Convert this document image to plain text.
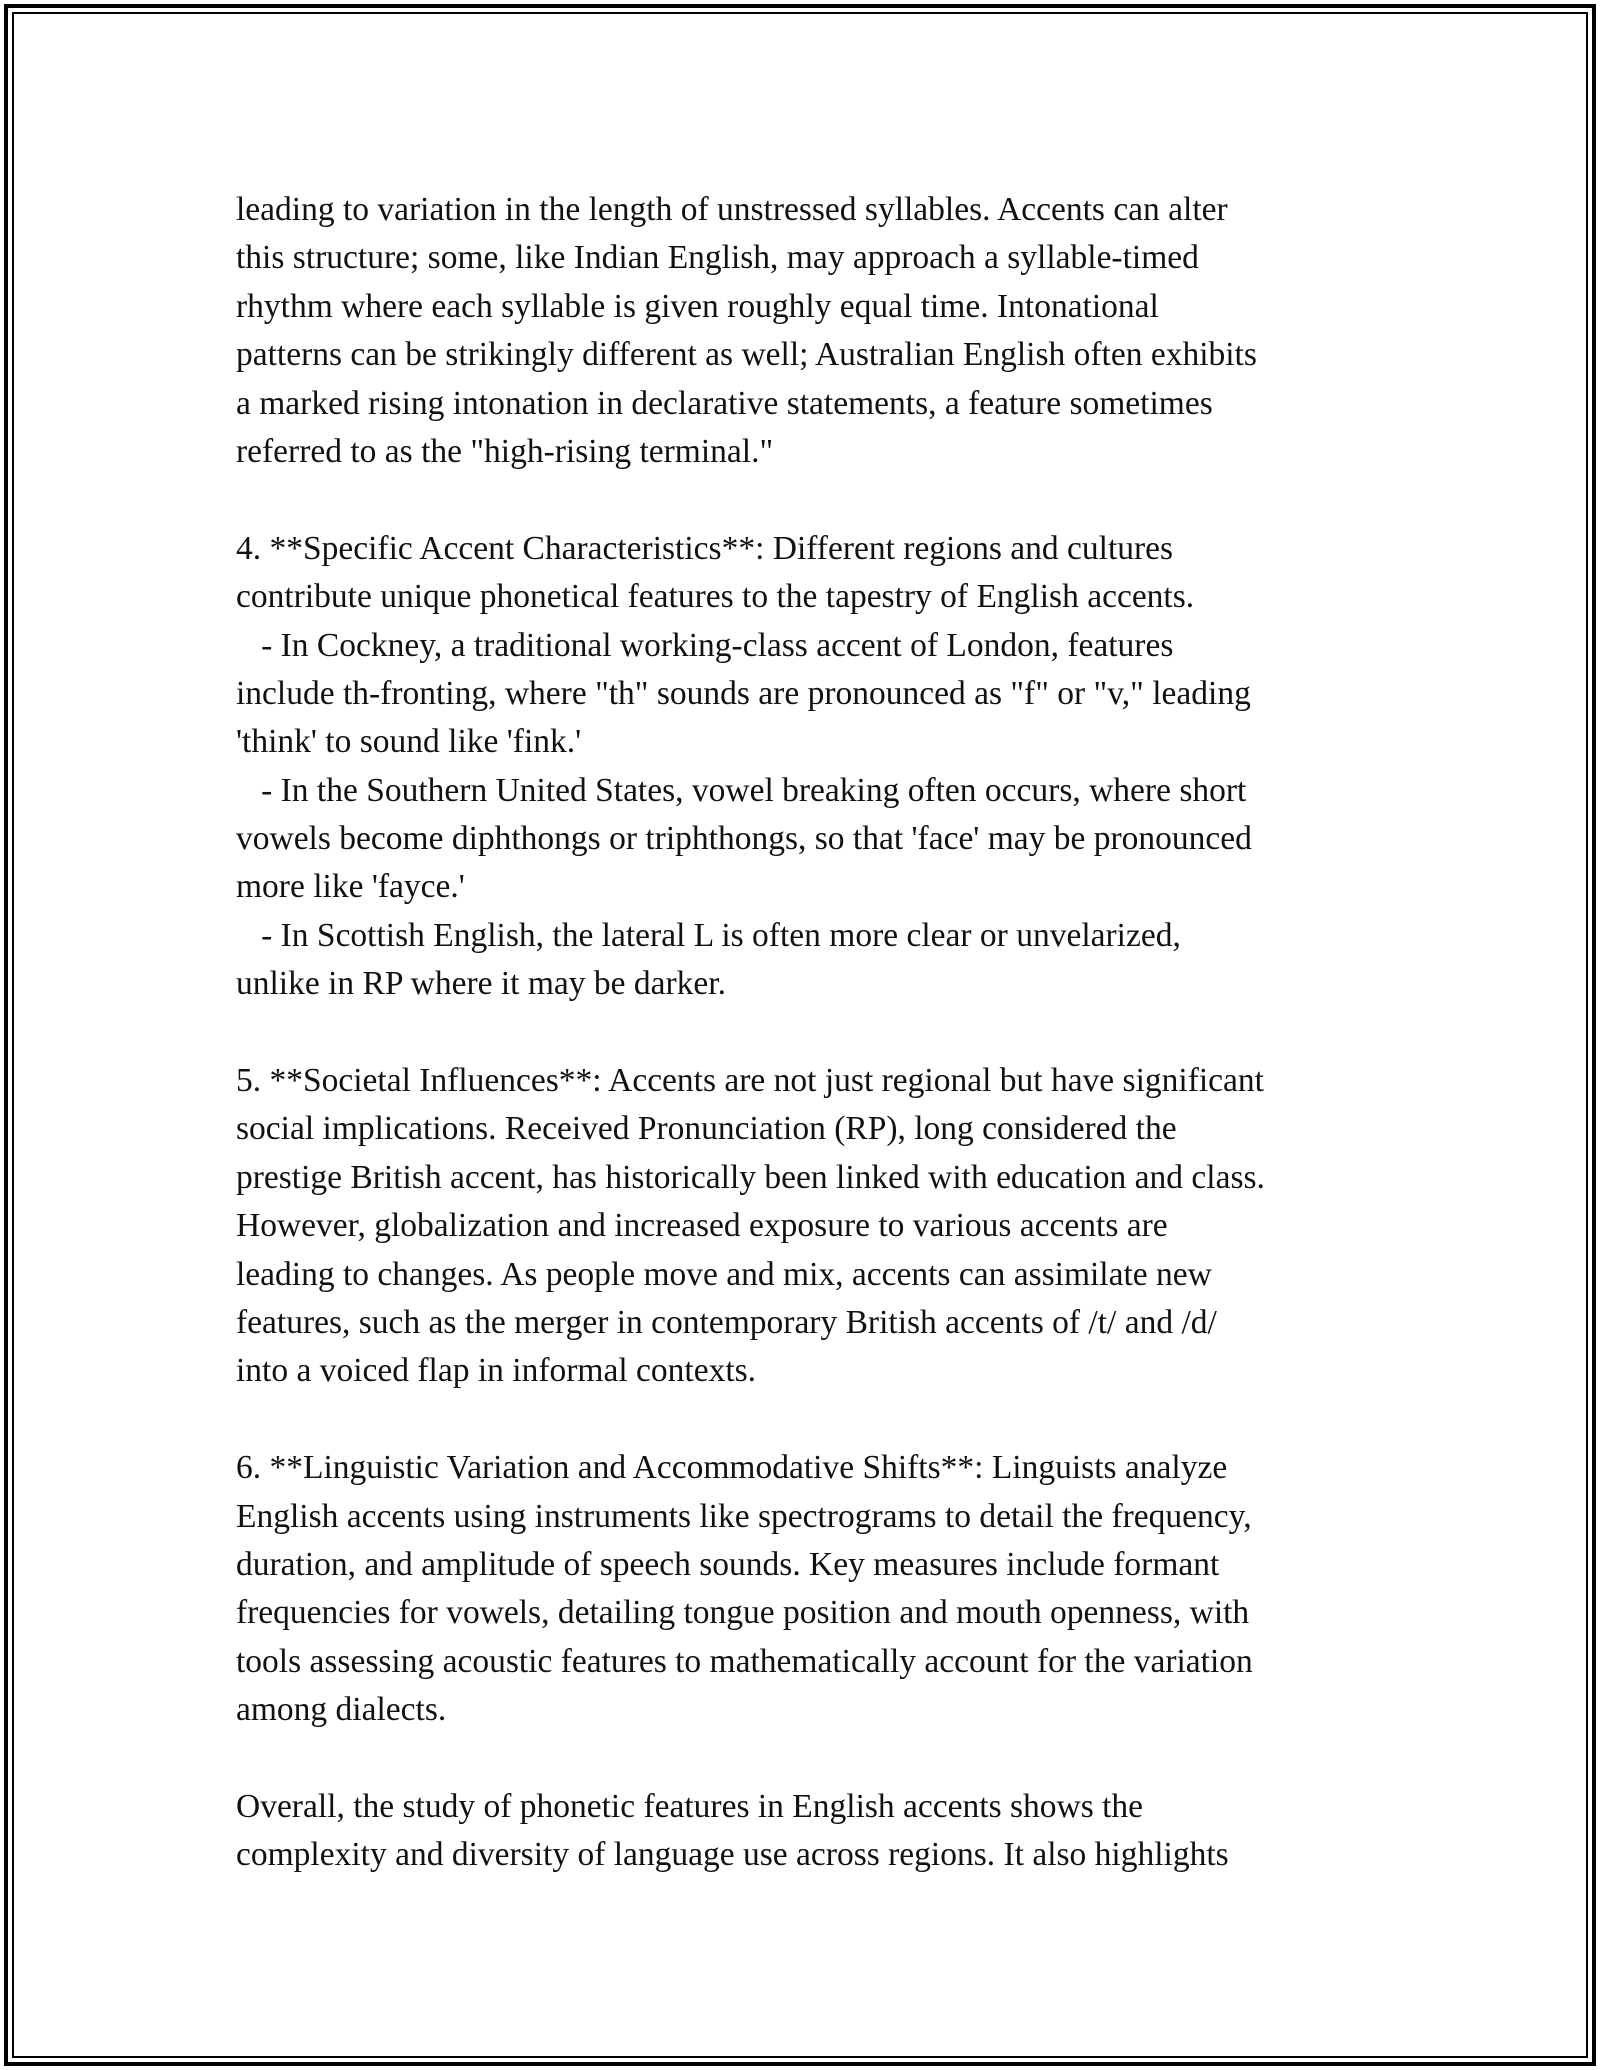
leading to variation in the length of unstressed syllables. Accents can alter
this structure; some, like Indian English, may approach a syllable-timed
rhythm where each syllable is given roughly equal time. Intonational
patterns can be strikingly different as well; Australian English often exhibits
a marked rising intonation in declarative statements, a feature sometimes
referred to as the "high-rising terminal."
4. **Specific Accent Characteristics**: Different regions and cultures
contribute unique phonetical features to the tapestry of English accents.
- In Cockney, a traditional working-class accent of London, features
include th-fronting, where "th" sounds are pronounced as "f" or "v," leading
'think' to sound like 'fink.'
- In the Southern United States, vowel breaking often occurs, where short
vowels become diphthongs or triphthongs, so that 'face' may be pronounced
more like 'fayce.'
- In Scottish English, the lateral L is often more clear or unvelarized,
unlike in RP where it may be darker.
5. **Societal Influences**: Accents are not just regional but have significant
social implications. Received Pronunciation (RP), long considered the
prestige British accent, has historically been linked with education and class.
However, globalization and increased exposure to various accents are
leading to changes. As people move and mix, accents can assimilate new
features, such as the merger in contemporary British accents of /t/ and /d/
into a voiced flap in informal contexts.
6. **Linguistic Variation and Accommodative Shifts**: Linguists analyze
English accents using instruments like spectrograms to detail the frequency,
duration, and amplitude of speech sounds. Key measures include formant
frequencies for vowels, detailing tongue position and mouth openness, with
tools assessing acoustic features to mathematically account for the variation
among dialects.
Overall, the study of phonetic features in English accents shows the
complexity and diversity of language use across regions. It also highlights
